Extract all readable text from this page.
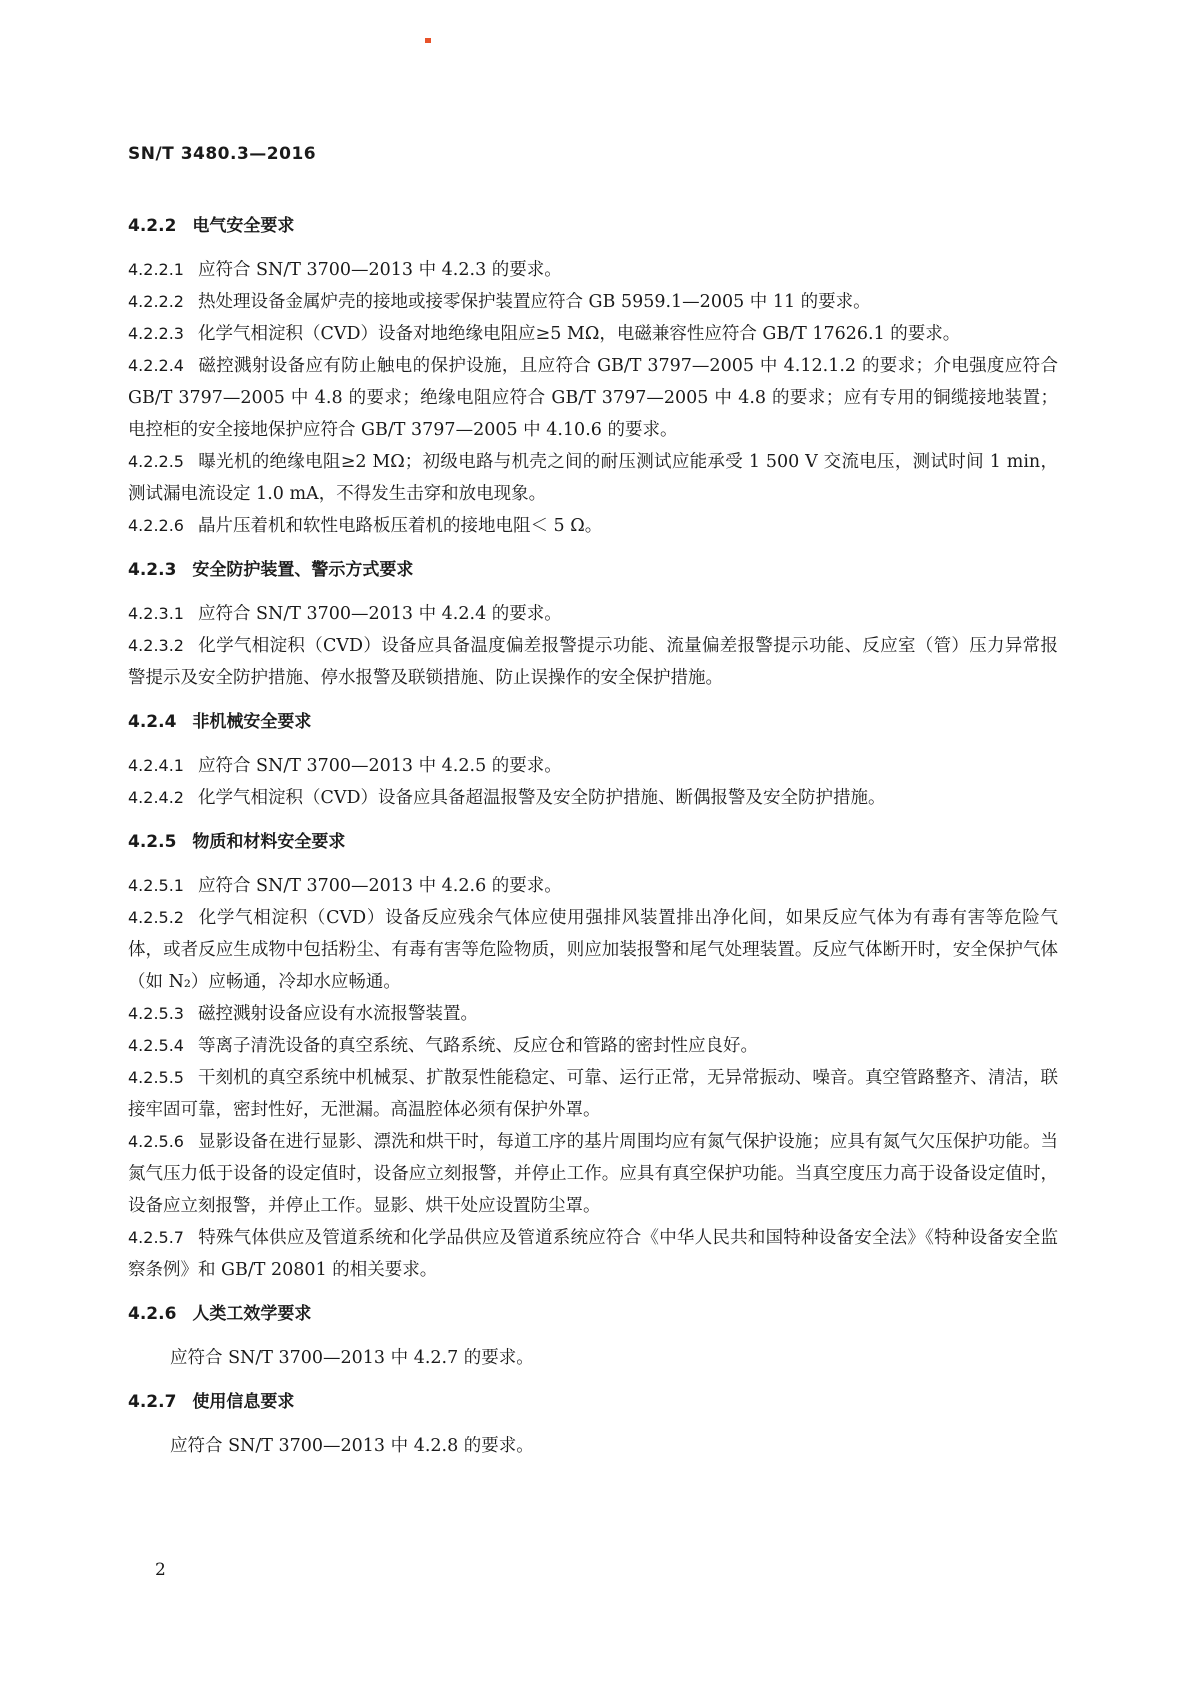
SN/T 3480.3—2016
4.2.2 电气安全要求

4.2.2.1 应符合 SN/T 3700—2013 中 4.2.3 的要求。

4.2.2.2 热处理设备金属炉壳的接地或接零保护装置应符合 GB 5959.1—2005 中 11 的要求。

4.2.2.3 化学气相淀积（CVD）设备对地绝缘电阻应≥5 MΩ，电磁兼容性应符合 GB/T 17626.1 的要求。

4.2.2.4 磁控溅射设备应有防止触电的保护设施，且应符合 GB/T 3797—2005 中 4.12.1.2 的要求；介电强度应符合 GB/T 3797—2005 中 4.8 的要求；绝缘电阻应符合 GB/T 3797—2005 中 4.8 的要求；应有专用的铜缆接地装置；电控柜的安全接地保护应符合 GB/T 3797—2005 中 4.10.6 的要求。

4.2.2.5 曝光机的绝缘电阻≥2 MΩ；初级电路与机壳之间的耐压测试应能承受 1 500 V 交流电压，测试时间 1 min，测试漏电流设定 1.0 mA，不得发生击穿和放电现象。

4.2.2.6 晶片压着机和软性电路板压着机的接地电阻＜ 5 Ω。

4.2.3 安全防护装置、警示方式要求

4.2.3.1 应符合 SN/T 3700—2013 中 4.2.4 的要求。

4.2.3.2 化学气相淀积（CVD）设备应具备温度偏差报警提示功能、流量偏差报警提示功能、反应室（管）压力异常报警提示及安全防护措施、停水报警及联锁措施、防止误操作的安全保护措施。

4.2.4 非机械安全要求

4.2.4.1 应符合 SN/T 3700—2013 中 4.2.5 的要求。

4.2.4.2 化学气相淀积（CVD）设备应具备超温报警及安全防护措施、断偶报警及安全防护措施。

4.2.5 物质和材料安全要求

4.2.5.1 应符合 SN/T 3700—2013 中 4.2.6 的要求。

4.2.5.2 化学气相淀积（CVD）设备反应残余气体应使用强排风装置排出净化间，如果反应气体为有毒有害等危险气体，或者反应生成物中包括粉尘、有毒有害等危险物质，则应加装报警和尾气处理装置。反应气体断开时，安全保护气体（如 N₂）应畅通，冷却水应畅通。

4.2.5.3 磁控溅射设备应设有水流报警装置。

4.2.5.4 等离子清洗设备的真空系统、气路系统、反应仓和管路的密封性应良好。

4.2.5.5 干刻机的真空系统中机械泵、扩散泵性能稳定、可靠、运行正常，无异常振动、噪音。真空管路整齐、清洁，联接牢固可靠，密封性好，无泄漏。高温腔体必须有保护外罩。

4.2.5.6 显影设备在进行显影、漂洗和烘干时，每道工序的基片周围均应有氮气保护设施；应具有氮气欠压保护功能。当氮气压力低于设备的设定值时，设备应立刻报警，并停止工作。应具有真空保护功能。当真空度压力高于设备设定值时，设备应立刻报警，并停止工作。显影、烘干处应设置防尘罩。

4.2.5.7 特殊气体供应及管道系统和化学品供应及管道系统应符合《中华人民共和国特种设备安全法》《特种设备安全监察条例》和 GB/T 20801 的相关要求。

4.2.6 人类工效学要求

应符合 SN/T 3700—2013 中 4.2.7 的要求。

4.2.7 使用信息要求

应符合 SN/T 3700—2013 中 4.2.8 的要求。

2
